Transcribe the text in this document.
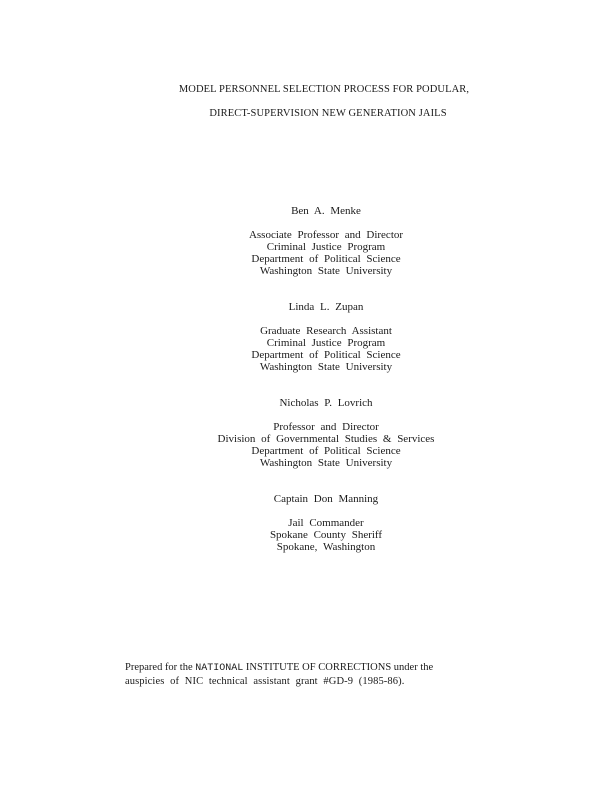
MODEL PERSONNEL SELECTION PROCESS FOR PODULAR,
DIRECT-SUPERVISION NEW GENERATION JAILS
Ben A. Menke
Associate Professor and Director
Criminal Justice Program
Department of Political Science
Washington State University
Linda L. Zupan
Graduate Research Assistant
Criminal Justice Program
Department of Political Science
Washington State University
Nicholas P. Lovrich
Professor and Director
Division of Governmental Studies & Services
Department of Political Science
Washington State University
Captain Don Manning
Jail Commander
Spokane County Sheriff
Spokane, Washington
Prepared for the NATIONAL INSTITUTE OF CORRECTIONS under the
auspicies of NIC technical assistant grant #GD-9 (1985-86).
